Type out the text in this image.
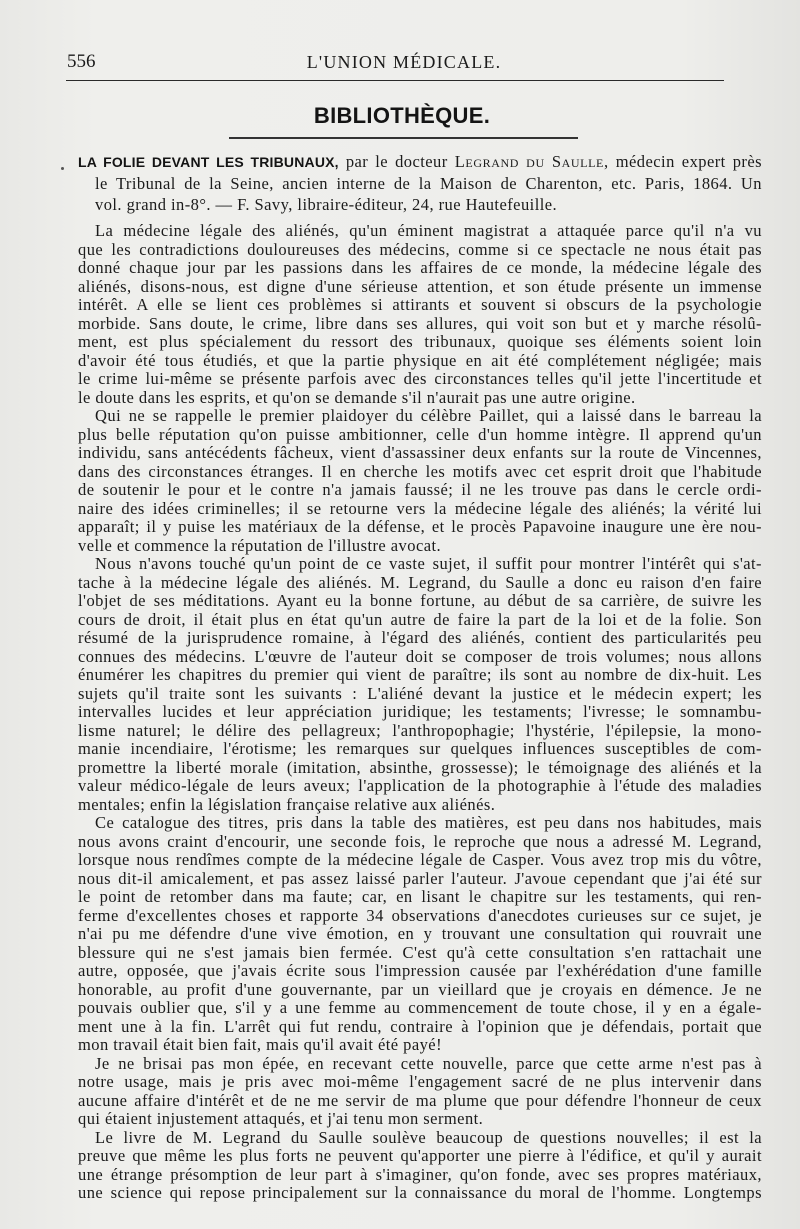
556	L'UNION MÉDICALE.
BIBLIOTHÈQUE.
LA FOLIE DEVANT LES TRIBUNAUX, par le docteur Legrand du Saulle, médecin expert près
le Tribunal de la Seine, ancien interne de la Maison de Charenton, etc. Paris, 1864. Un
vol. grand in-8°. — F. Savy, libraire-éditeur, 24, rue Hautefeuille.
La médecine légale des aliénés, qu'un éminent magistrat a attaquée parce qu'il n'a vu
que les contradictions douloureuses des médecins, comme si ce spectacle ne nous était pas
donné chaque jour par les passions dans les affaires de ce monde, la médecine légale des
aliénés, disons-nous, est digne d'une sérieuse attention, et son étude présente un immense
intérêt. A elle se lient ces problèmes si attirants et souvent si obscurs de la psychologie
morbide. Sans doute, le crime, libre dans ses allures, qui voit son but et y marche résolû-
ment, est plus spécialement du ressort des tribunaux, quoique ses éléments soient loin
d'avoir été tous étudiés, et que la partie physique en ait été complétement négligée; mais
le crime lui-même se présente parfois avec des circonstances telles qu'il jette l'incertitude et
le doute dans les esprits, et qu'on se demande s'il n'aurait pas une autre origine.
Qui ne se rappelle le premier plaidoyer du célèbre Paillet, qui a laissé dans le barreau la
plus belle réputation qu'on puisse ambitionner, celle d'un homme intègre. Il apprend qu'un
individu, sans antécédents fâcheux, vient d'assassiner deux enfants sur la route de Vincennes,
dans des circonstances étranges. Il en cherche les motifs avec cet esprit droit que l'habitude
de soutenir le pour et le contre n'a jamais faussé; il ne les trouve pas dans le cercle ordi-
naire des idées criminelles; il se retourne vers la médecine légale des aliénés; la vérité lui
apparaît; il y puise les matériaux de la défense, et le procès Papavoine inaugure une ère nou-
velle et commence la réputation de l'illustre avocat.
Nous n'avons touché qu'un point de ce vaste sujet, il suffit pour montrer l'intérêt qui s'at-
tache à la médecine légale des aliénés. M. Legrand, du Saulle a donc eu raison d'en faire
l'objet de ses méditations. Ayant eu la bonne fortune, au début de sa carrière, de suivre les
cours de droit, il était plus en état qu'un autre de faire la part de la loi et de la folie. Son
résumé de la jurisprudence romaine, à l'égard des aliénés, contient des particularités peu
connues des médecins. L'œuvre de l'auteur doit se composer de trois volumes; nous allons
énumérer les chapitres du premier qui vient de paraître; ils sont au nombre de dix-huit. Les
sujets qu'il traite sont les suivants : L'aliéné devant la justice et le médecin expert; les
intervalles lucides et leur appréciation juridique; les testaments; l'ivresse; le somnambu-
lisme naturel; le délire des pellagreux; l'anthropophagie; l'hystérie, l'épilepsie, la mono-
manie incendiaire, l'érotisme; les remarques sur quelques influences susceptibles de com-
promettre la liberté morale (imitation, absinthe, grossesse); le témoignage des aliénés et la
valeur médico-légale de leurs aveux; l'application de la photographie à l'étude des maladies
mentales; enfin la législation française relative aux aliénés.
Ce catalogue des titres, pris dans la table des matières, est peu dans nos habitudes, mais
nous avons craint d'encourir, une seconde fois, le reproche que nous a adressé M. Legrand,
lorsque nous rendîmes compte de la médecine légale de Casper. Vous avez trop mis du vôtre,
nous dit-il amicalement, et pas assez laissé parler l'auteur. J'avoue cependant que j'ai été sur
le point de retomber dans ma faute; car, en lisant le chapitre sur les testaments, qui ren-
ferme d'excellentes choses et rapporte 34 observations d'anecdotes curieuses sur ce sujet, je
n'ai pu me défendre d'une vive émotion, en y trouvant une consultation qui rouvrait une
blessure qui ne s'est jamais bien fermée. C'est qu'à cette consultation s'en rattachait une
autre, opposée, que j'avais écrite sous l'impression causée par l'exhérédation d'une famille
honorable, au profit d'une gouvernante, par un vieillard que je croyais en démence. Je ne
pouvais oublier que, s'il y a une femme au commencement de toute chose, il y en a égale-
ment une à la fin. L'arrêt qui fut rendu, contraire à l'opinion que je défendais, portait que
mon travail était bien fait, mais qu'il avait été payé!
Je ne brisai pas mon épée, en recevant cette nouvelle, parce que cette arme n'est pas à
notre usage, mais je pris avec moi-même l'engagement sacré de ne plus intervenir dans
aucune affaire d'intérêt et de ne me servir de ma plume que pour défendre l'honneur de ceux
qui étaient injustement attaqués, et j'ai tenu mon serment.
Le livre de M. Legrand du Saulle soulève beaucoup de questions nouvelles; il est la
preuve que même les plus forts ne peuvent qu'apporter une pierre à l'édifice, et qu'il y aurait
une étrange présomption de leur part à s'imaginer, qu'on fonde, avec ses propres matériaux,
une science qui repose principalement sur la connaissance du moral de l'homme. Longtemps
